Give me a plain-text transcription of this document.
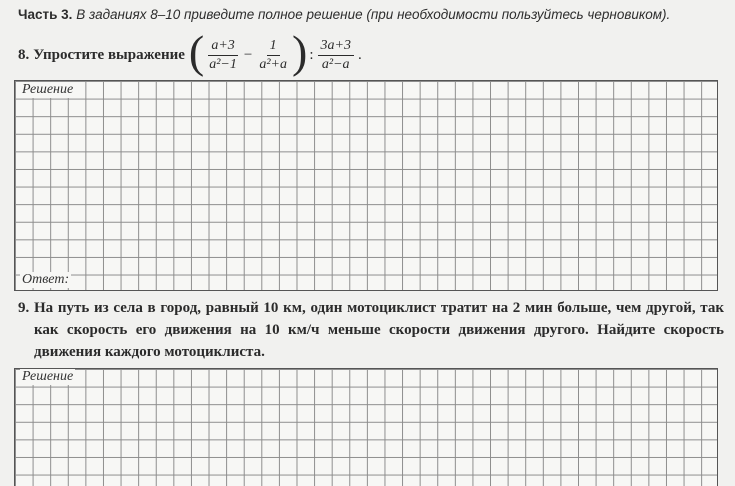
Часть 3. В заданиях 8–10 приведите полное решение (при необходимости пользуйтесь черновиком).
8. Упростите выражение ( $\frac{a+3}{\text{a²−1}} - \frac{1}{\text{a²+a}}$ ) : $\frac{3a+3}{\text{a²−a}}$ .
Решение
Ответ:
9. На путь из села в город, равный 10 км, один мотоциклист тратит на 2 мин больше, чем другой, так как скорость его движения на 10 км/ч меньше скорости движения другого. Найдите скорость движения каждого мотоциклиста.

Решение
